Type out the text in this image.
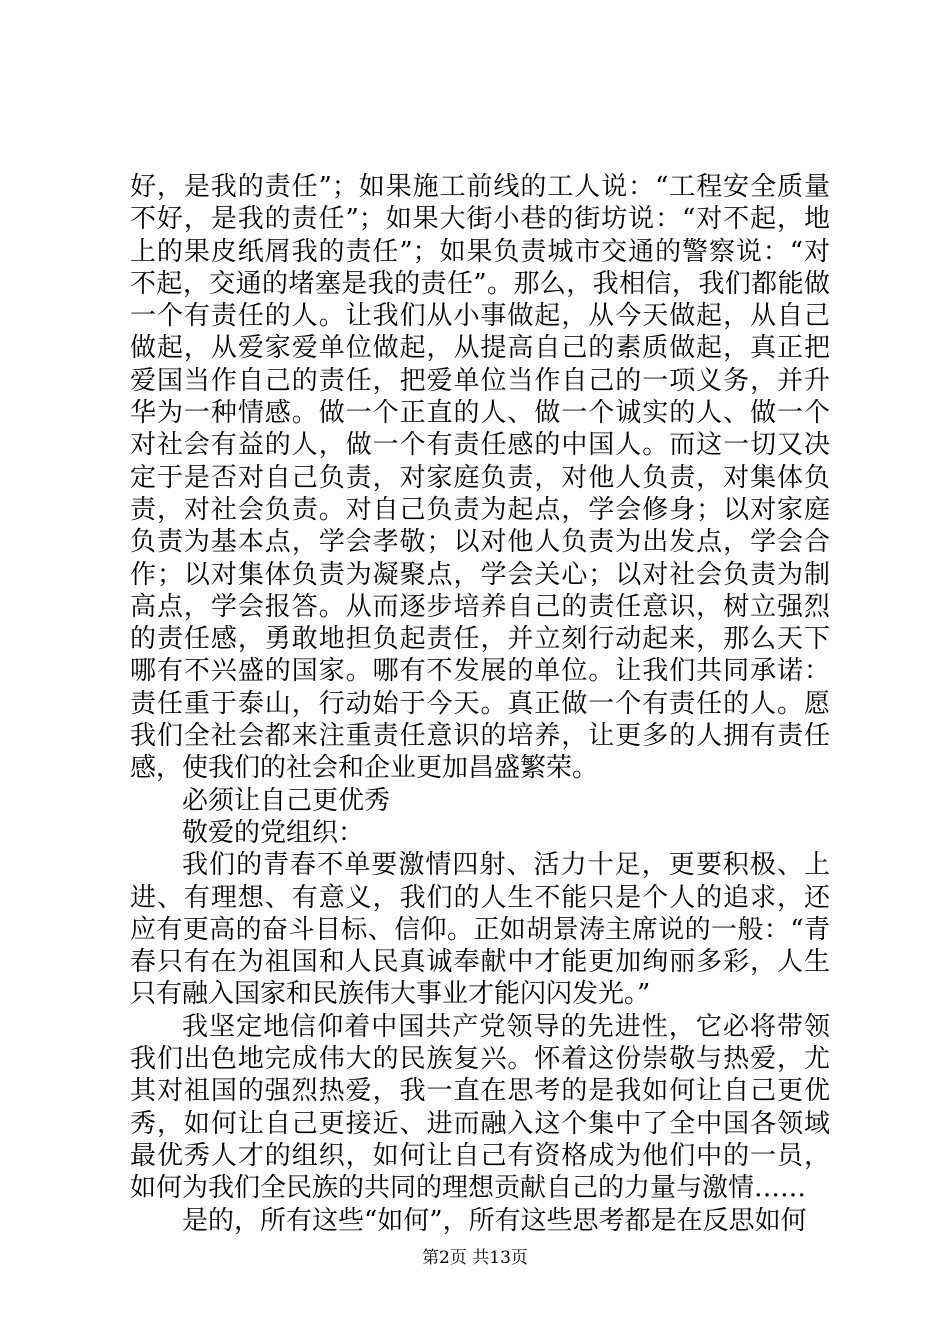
好，是我的责任”；如果施工前线的工人说：“工程安全质量不好，是我的责任”；如果大街小巷的街坊说：“对不起，地上的果皮纸屑我的责任”；如果负责城市交通的警察说：“对不起，交通的堵塞是我的责任”。那么，我相信，我们都能做一个有责任的人。让我们从小事做起，从今天做起，从自己做起，从爱家爱单位做起，从提高自己的素质做起，真正把爱国当作自己的责任，把爱单位当作自己的一项义务，并升华为一种情感。做一个正直的人、做一个诚实的人、做一个对社会有益的人，做一个有责任感的中国人。而这一切又决定于是否对自己负责，对家庭负责，对他人负责，对集体负责，对社会负责。对自己负责为起点，学会修身；以对家庭负责为基本点，学会孝敬；以对他人负责为出发点，学会合作；以对集体负责为凝聚点，学会关心；以对社会负责为制高点，学会报答。从而逐步培养自己的责任意识，树立强烈的责任感，勇敢地担负起责任，并立刻行动起来，那么天下哪有不兴盛的国家。哪有不发展的单位。让我们共同承诺：责任重于泰山，行动始于今天。真正做一个有责任的人。愿我们全社会都来注重责任意识的培养，让更多的人拥有责任感，使我们的社会和企业更加昌盛繁荣。

必须让自己更优秀

敬爱的党组织：

我们的青春不单要激情四射、活力十足，更要积极、上进、有理想、有意义，我们的人生不能只是个人的追求，还应有更高的奋斗目标、信仰。正如胡景涛主席说的一般：“青春只有在为祖国和人民真诚奉献中才能更加绚丽多彩，人生只有融入国家和民族伟大事业才能闪闪发光。”

我坚定地信仰着中国共产党领导的先进性，它必将带领我们出色地完成伟大的民族复兴。怀着这份崇敬与热爱，尤其对祖国的强烈热爱，我一直在思考的是我如何让自己更优秀，如何让自己更接近、进而融入这个集中了全中国各领域最优秀人才的组织，如何让自己有资格成为他们中的一员，如何为我们全民族的共同的理想贡献自己的力量与激情……

是的，所有这些“如何”，所有这些思考都是在反思如何

第2页 共13页
